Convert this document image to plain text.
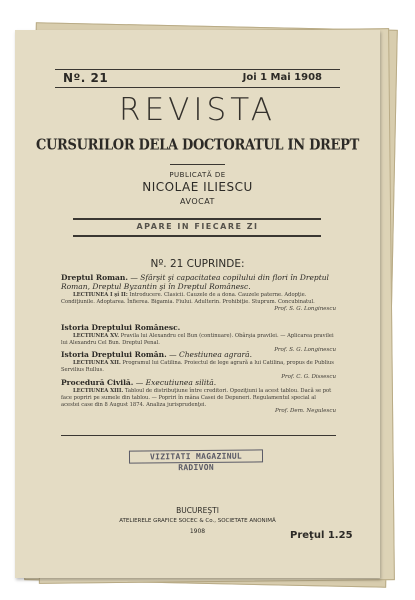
Nº. 21	Joi 1 Mai 1908
REVISTA
CURSURILOR DELA DOCTORATUL IN DREPT
PUBLICATĂ DE
NICOLAE ILIESCU
AVOCAT
APARE IN FIECARE ZI
Nº. 21 CUPRINDE:
Dreptul Roman. — Sfârşit şi capacitatea copilului din flori în Dreptul Roman, Dreptul Byzantin şi în Dreptul Românesc.
LECTIUNEA I şi II: Introducere. Clasicii. Cauzele de a dona. Cauzele paterne. Adopţie. Condiţiunile. Adoptarea. Înfierea. Bigamia. Fiului. Adulterin. Prohibiţie. Stuprum. Concubinatul.
Prof. S. G. Longinescu
Istoria Dreptului Românesc.
LECTIUNEA XV. Pravila lui Alexandru cel Bun (continuare). Obârşia pravilei. — Aplicarea pravilei lui Alexandru Cel Bun. Dreptul Penal.
Prof. S. G. Longinescu
Istoria Dreptului Român. — Chestiunea agrară.
LECTIUNEA XII. Programul lui Catilina. Proiectul de lege agrară a lui Catilina, propus de Publius Servilius Rullus.
Prof. C. G. Dissescu
Procedură Civilă. — Executiunea silită.
LECTIUNEA XIII. Tabloul de distribuţiune între creditori. Opoziţiuni la acest tablou. Dacă se pot face popriri pe sumele din tablou. — Popriri în mâna Casei de Depuneri. Regulamentul special al acestei case din 8 August 1874. Analiza jurisprudenţei.
Prof. Dem. Negulescu
VIZITATI MAGAZINUL RADIVON
BUCUREŞTI
ATELIERELE GRAFICE SOCEC & Co., SOCIETATE ANONIMĂ
1908	Preţul 1.25
